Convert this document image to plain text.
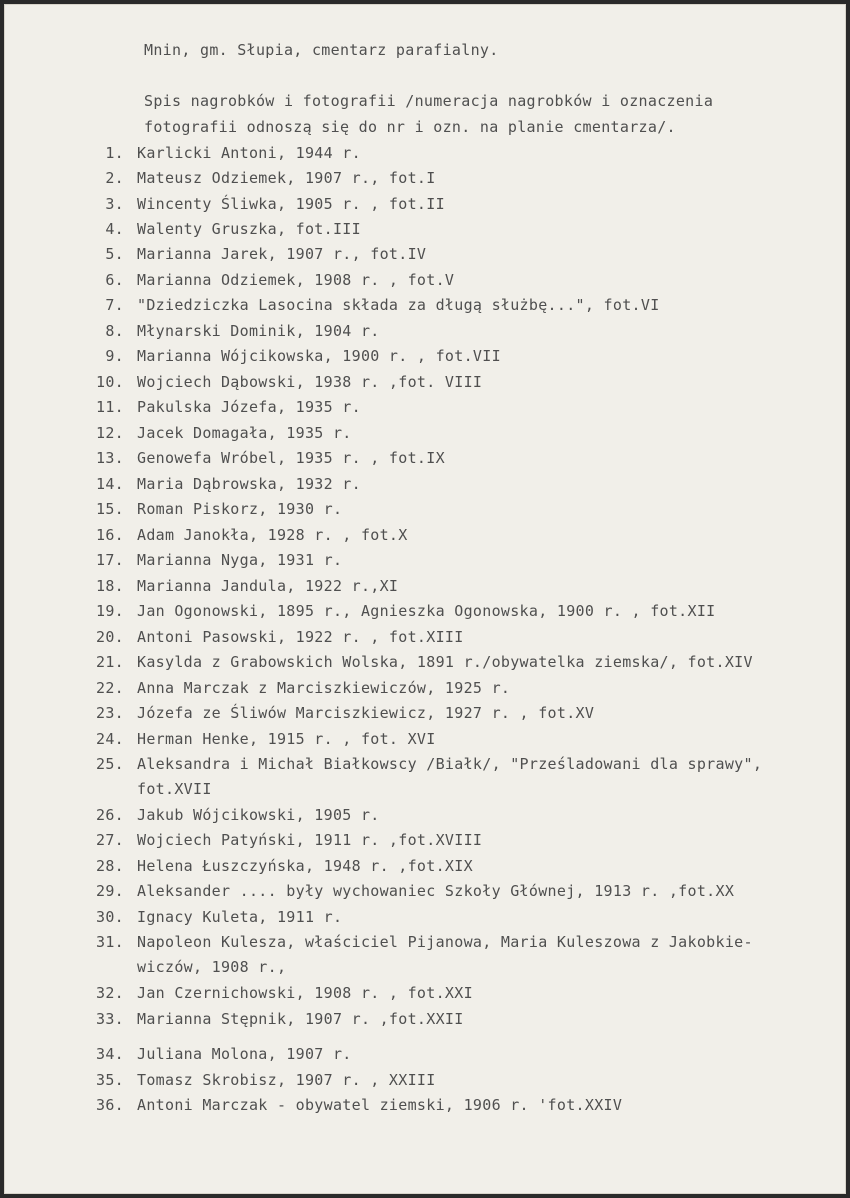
Mnin, gm. Słupia, cmentarz parafialny.
Spis nagrobków i fotografii /numeracja nagrobków i oznaczenia
fotografii odnoszą się do nr i ozn. na planie cmentarza/.
1. Karlicki Antoni, 1944 r.
2. Mateusz Odziemek, 1907 r., fot.I
3. Wincenty Śliwka, 1905 r. , fot.II
4. Walenty Gruszka, fot.III
5. Marianna Jarek, 1907 r., fot.IV
6. Marianna Odziemek, 1908 r. , fot.V
7. "Dziedziczka Lasocina składa za długą służbę...", fot.VI
8. Młynarski Dominik, 1904 r.
9. Marianna Wójcikowska, 1900 r. , fot.VII
10. Wojciech Dąbowski, 1938 r. ,fot. VIII
11. Pakulska Józefa, 1935 r.
12. Jacek Domagała, 1935 r.
13. Genowefa Wróbel, 1935 r. , fot.IX
14. Maria Dąbrowska, 1932 r.
15. Roman Piskorz, 1930 r.
16. Adam Janokła, 1928 r. , fot.X
17. Marianna Nyga, 1931 r.
18. Marianna Jandula, 1922 r.,XI
19. Jan Ogonowski, 1895 r., Agnieszka Ogonowska, 1900 r. , fot.XII
20. Antoni Pasowski, 1922 r. , fot.XIII
21. Kasylda z Grabowskich Wolska, 1891 r./obywatelka ziemska/, fot.XIV
22. Anna Marczak z Marciszkiewiczów, 1925 r.
23. Józefa ze Śliwów Marciszkiewicz, 1927 r. , fot.XV
24. Herman Henke, 1915 r. , fot. XVI
25. Aleksandra i Michał Białkowscy /Białk/, "Prześladowani dla sprawy",
fot.XVII
26. Jakub Wójcikowski, 1905 r.
27. Wojciech Patyński, 1911 r. ,fot.XVIII
28. Helena Łuszczyńska, 1948 r. ,fot.XIX
29. Aleksander .... były wychowaniec Szkoły Głównej, 1913 r. ,fot.XX
30. Ignacy Kuleta, 1911 r.
31. Napoleon Kulesza, właściciel Pijanowa, Maria Kuleszowa z Jakobkie-
wiczów, 1908 r.,
32. Jan Czernichowski, 1908 r. , fot.XXI
33. Marianna Stępnik, 1907 r. ,fot.XXII
34. Juliana Molona, 1907 r.
35. Tomasz Skrobisz, 1907 r. , XXIII
36. Antoni Marczak - obywatel ziemski, 1906 r. 'fot.XXIV
